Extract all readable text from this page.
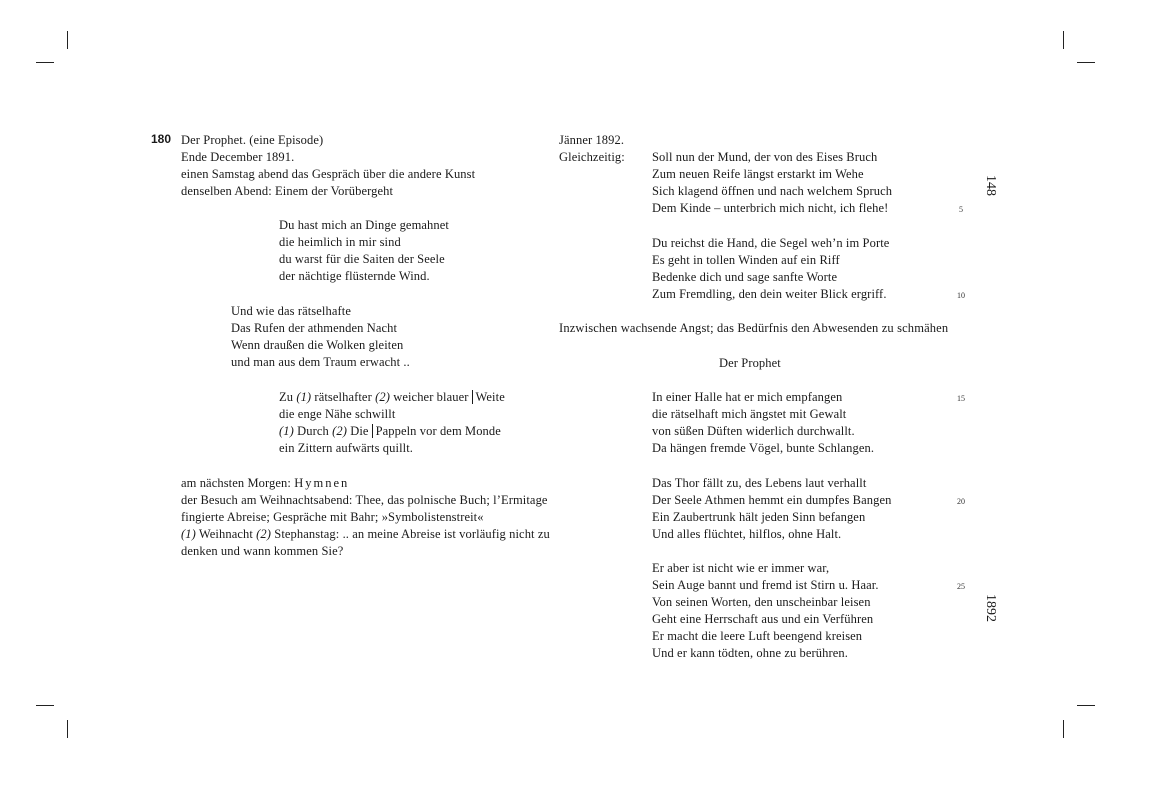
180 Der Prophet. (eine Episode)
Ende December 1891.
einen Samstag abend das Gespräch über die andere Kunst
denselben Abend: Einem der Vorübergeht
Du hast mich an Dinge gemahnet
die heimlich in mir sind
du warst für die Saiten der Seele
der nächtige flüsternde Wind.
Und wie das rätselhafte
Das Rufen der athmenden Nacht
Wenn draußen die Wolken gleiten
und man aus dem Traum erwacht ..
Zu (1) rätselhafter (2) weicher blauer Weite
die enge Nähe schwillt
(1) Durch (2) Die Pappeln vor dem Monde
ein Zittern aufwärts quillt.
am nächsten Morgen: Hymnen
der Besuch am Weihnachtsabend: Thee, das polnische Buch; l’Ermitage
fingierte Abreise; Gespräche mit Bahr; »Symbolistenstreit«
(1) Weihnacht (2) Stephanstag: .. an meine Abreise ist vorläufig nicht zu
denken und wann kommen Sie?
Jänner 1892.
Gleichzeitig: Soll nun der Mund, der von des Eises Bruch
Zum neuen Reife längst erstarkt im Wehe
Sich klagend öffnen und nach welchem Spruch
Dem Kinde – unterbrich mich nicht, ich flehe!
Du reichst die Hand, die Segel weh’n im Porte
Es geht in tollen Winden auf ein Riff
Bedenke dich und sage sanfte Worte
Zum Fremdling, den dein weiter Blick ergriff.
Inzwischen wachsende Angst; das Bedürfnis den Abwesenden zu schmähen
Der Prophet
In einer Halle hat er mich empfangen
die rätselhaft mich ängstet mit Gewalt
von süßen Düften widerlich durchwallt.
Da hängen fremde Vögel, bunte Schlangen.
Das Thor fällt zu, des Lebens laut verhallt
Der Seele Athmen hemmt ein dumpfes Bangen
Ein Zaubertrunk hält jeden Sinn befangen
Und alles flüchtet, hilflos, ohne Halt.
Er aber ist nicht wie er immer war,
Sein Auge bannt und fremd ist Stirn u. Haar.
Von seinen Worten, den unscheinbar leisen
Geht eine Herrschaft aus und ein Verführen
Er macht die leere Luft beengend kreisen
Und er kann tödten, ohne zu berühren.
5
10
15
20
25
148
1892
